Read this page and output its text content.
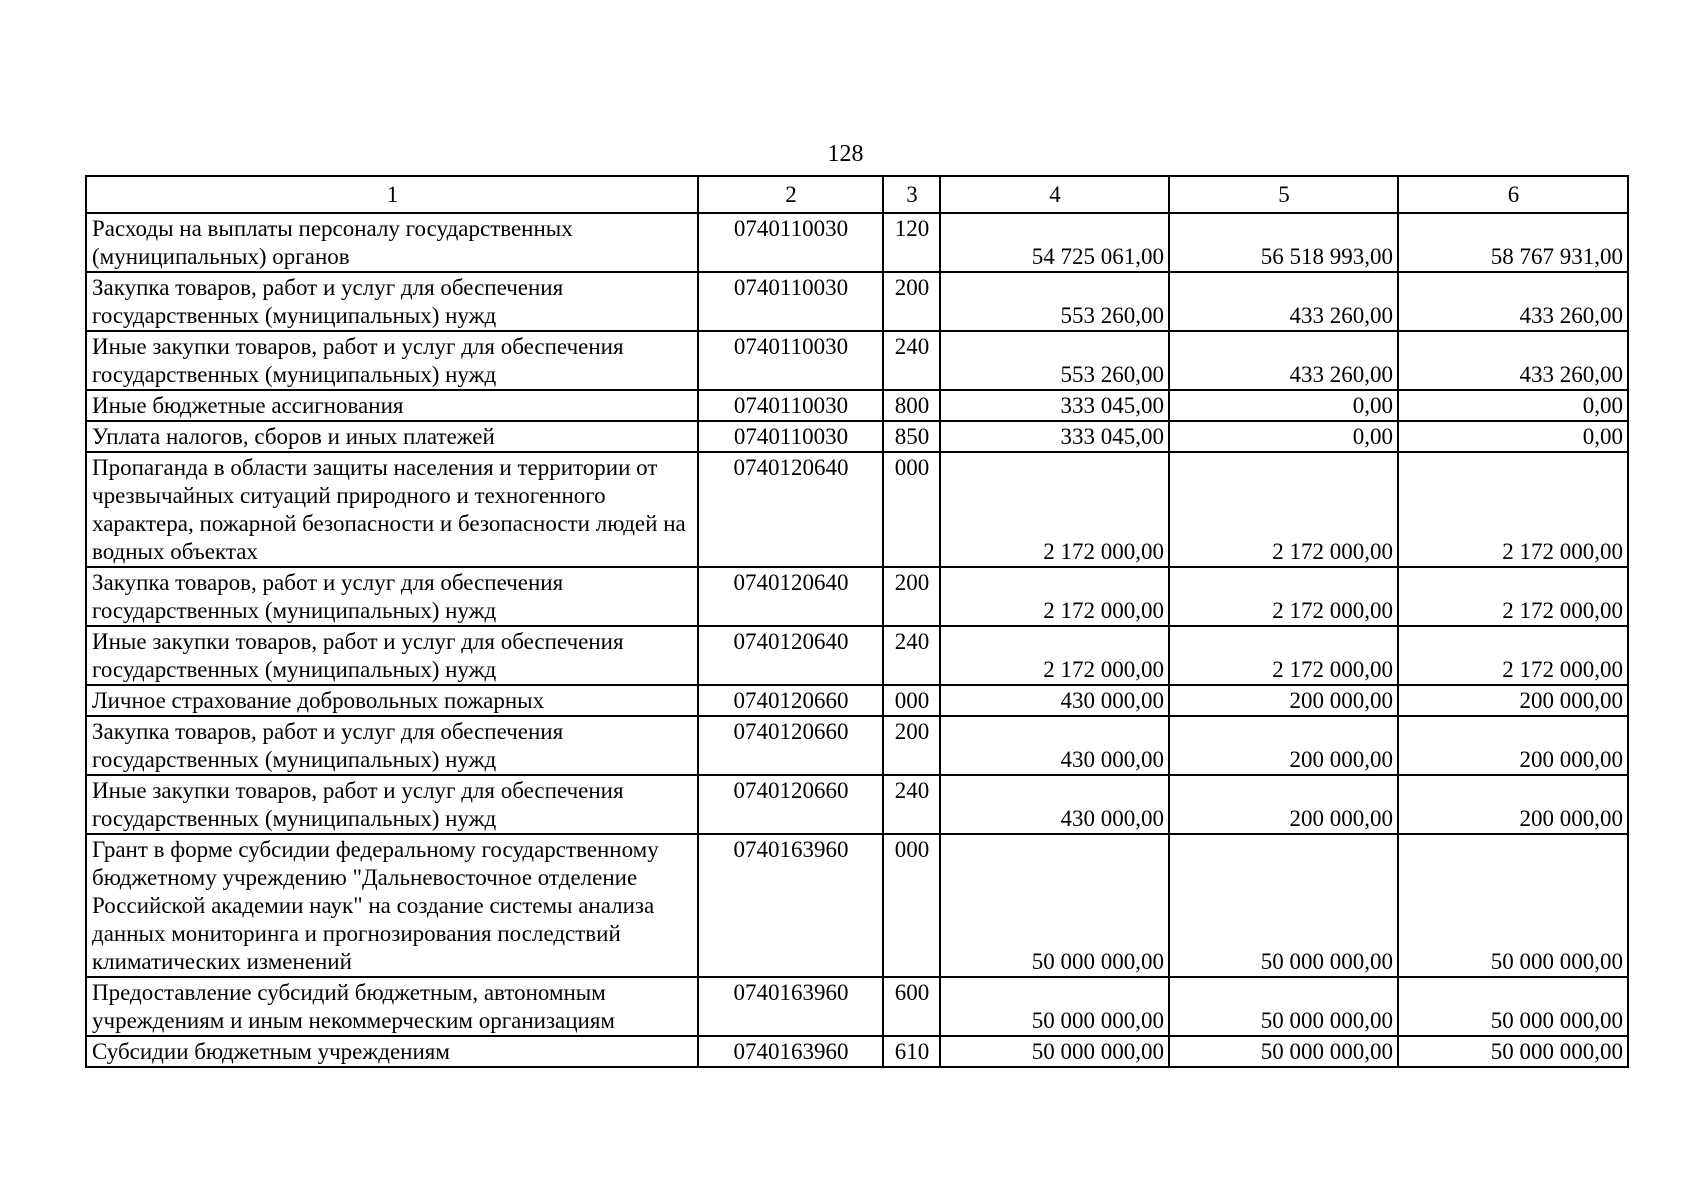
128
1	2	3	4	5	6
Расходы на выплаты персоналу государственных (муниципальных) органов	0740110030	120	54 725 061,00	56 518 993,00	58 767 931,00
Закупка товаров, работ и услуг для обеспечения государственных (муниципальных) нужд	0740110030	200	553 260,00	433 260,00	433 260,00
Иные закупки товаров, работ и услуг для обеспечения государственных (муниципальных) нужд	0740110030	240	553 260,00	433 260,00	433 260,00
Иные бюджетные ассигнования	0740110030	800	333 045,00	0,00	0,00
Уплата налогов, сборов и иных платежей	0740110030	850	333 045,00	0,00	0,00
Пропаганда в области защиты населения и территории от чрезвычайных ситуаций природного и техногенного характера, пожарной безопасности и безопасности людей на водных объектах	0740120640	000	2 172 000,00	2 172 000,00	2 172 000,00
Закупка товаров, работ и услуг для обеспечения государственных (муниципальных) нужд	0740120640	200	2 172 000,00	2 172 000,00	2 172 000,00
Иные закупки товаров, работ и услуг для обеспечения государственных (муниципальных) нужд	0740120640	240	2 172 000,00	2 172 000,00	2 172 000,00
Личное страхование добровольных пожарных	0740120660	000	430 000,00	200 000,00	200 000,00
Закупка товаров, работ и услуг для обеспечения государственных (муниципальных) нужд	0740120660	200	430 000,00	200 000,00	200 000,00
Иные закупки товаров, работ и услуг для обеспечения государственных (муниципальных) нужд	0740120660	240	430 000,00	200 000,00	200 000,00
Грант в форме субсидии федеральному государственному бюджетному учреждению "Дальневосточное отделение Российской академии наук" на создание системы анализа данных мониторинга и прогнозирования последствий климатических изменений	0740163960	000	50 000 000,00	50 000 000,00	50 000 000,00
Предоставление субсидий бюджетным, автономным учреждениям и иным некоммерческим организациям	0740163960	600	50 000 000,00	50 000 000,00	50 000 000,00
Субсидии бюджетным учреждениям	0740163960	610	50 000 000,00	50 000 000,00	50 000 000,00
